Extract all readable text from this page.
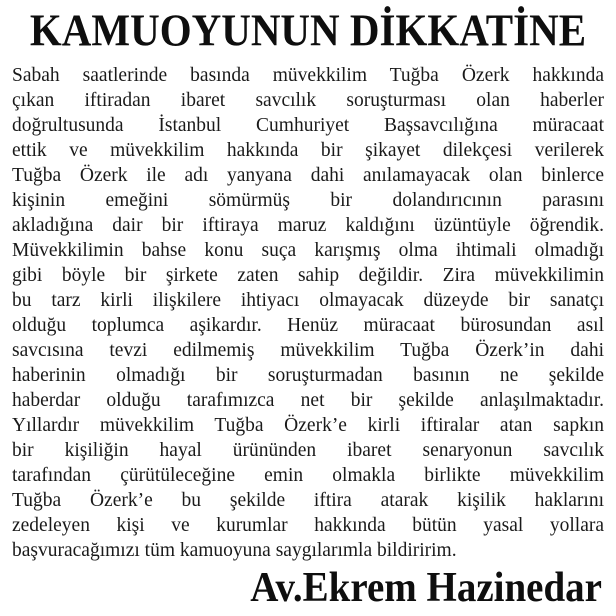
KAMUOYUNUN DİKKATİNE
Sabah saatlerinde basında müvekkilim Tuğba Özerk hakkında
çıkan iftiradan ibaret savcılık soruşturması olan haberler
doğrultusunda İstanbul Cumhuriyet Başsavcılığına müracaat
ettik ve müvekkilim hakkında bir şikayet dilekçesi verilerek
Tuğba Özerk ile adı yanyana dahi anılamayacak olan binlerce
kişinin emeğini sömürmüş bir dolandırıcının parasını
akladığına dair bir iftiraya maruz kaldığını üzüntüyle öğrendik.
Müvekkilimin bahse konu suça karışmış olma ihtimali olmadığı
gibi böyle bir şirkete zaten sahip değildir. Zira müvekkilimin
bu tarz kirli ilişkilere ihtiyacı olmayacak düzeyde bir sanatçı
olduğu toplumca aşikardır. Henüz müracaat bürosundan asıl
savcısına tevzi edilmemiş müvekkilim Tuğba Özerk’in dahi
haberinin olmadığı bir soruşturmadan basının ne şekilde
haberdar olduğu tarafımızca net bir şekilde anlaşılmaktadır.
Yıllardır müvekkilim Tuğba Özerk’e kirli iftiralar atan sapkın
bir kişiliğin hayal ürününden ibaret senaryonun savcılık
tarafından çürütüleceğine emin olmakla birlikte müvekkilim
Tuğba Özerk’e bu şekilde iftira atarak kişilik haklarını
zedeleyen kişi ve kurumlar hakkında bütün yasal yollara
başvuracağımızı tüm kamuoyuna saygılarımla bildiririm.
Av.Ekrem Hazinedar
